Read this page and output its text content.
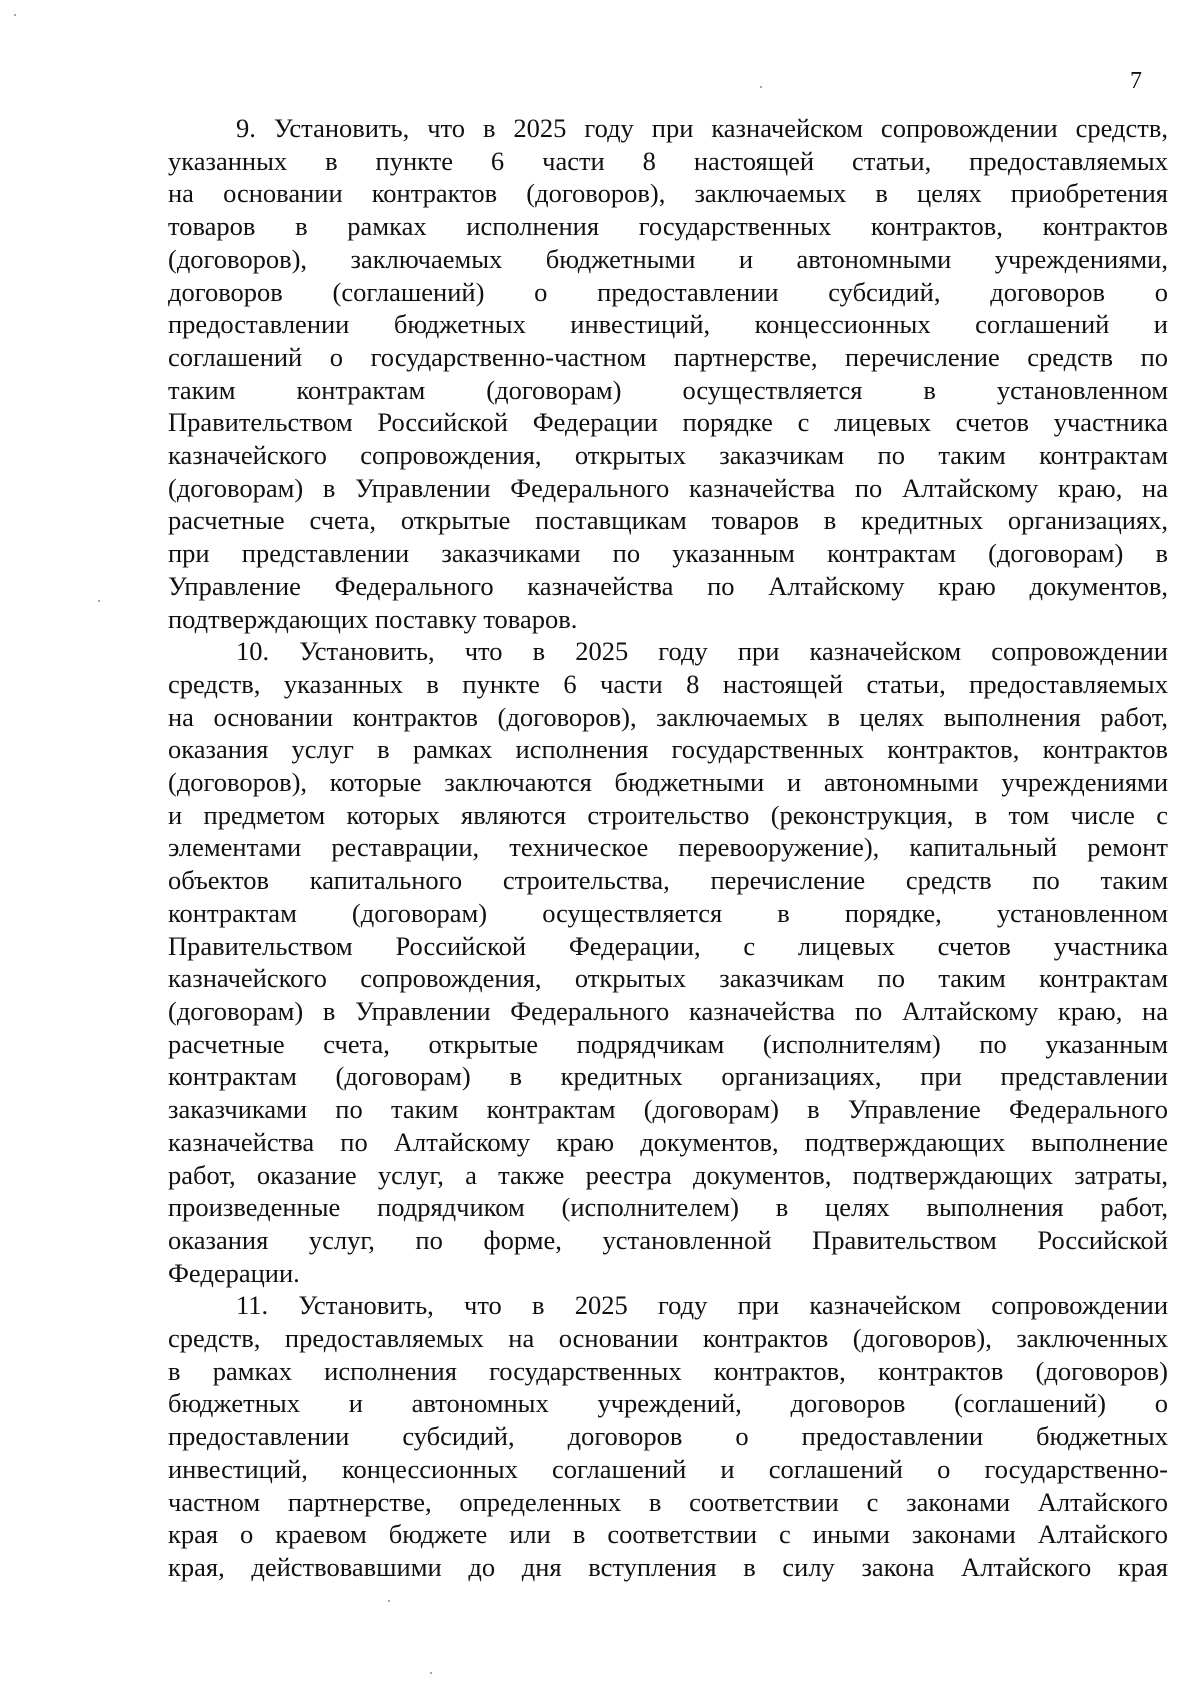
7
9. Установить, что в 2025 году при казначейском сопровождении средств,
указанных в пункте 6 части 8 настоящей статьи, предоставляемых
на основании контрактов (договоров), заключаемых в целях приобретения
товаров в рамках исполнения государственных контрактов, контрактов
(договоров), заключаемых бюджетными и автономными учреждениями,
договоров (соглашений) о предоставлении субсидий, договоров о
предоставлении бюджетных инвестиций, концессионных соглашений и
соглашений о государственно-частном партнерстве, перечисление средств по
таким контрактам (договорам) осуществляется в установленном
Правительством Российской Федерации порядке с лицевых счетов участника
казначейского сопровождения, открытых заказчикам по таким контрактам
(договорам) в Управлении Федерального казначейства по Алтайскому краю, на
расчетные счета, открытые поставщикам товаров в кредитных организациях,
при представлении заказчиками по указанным контрактам (договорам) в
Управление Федерального казначейства по Алтайскому краю документов,
подтверждающих поставку товаров.
10. Установить, что в 2025 году при казначейском сопровождении
средств, указанных в пункте 6 части 8 настоящей статьи, предоставляемых
на основании контрактов (договоров), заключаемых в целях выполнения работ,
оказания услуг в рамках исполнения государственных контрактов, контрактов
(договоров), которые заключаются бюджетными и автономными учреждениями
и предметом которых являются строительство (реконструкция, в том числе с
элементами реставрации, техническое перевооружение), капитальный ремонт
объектов капитального строительства, перечисление средств по таким
контрактам (договорам) осуществляется в порядке, установленном
Правительством Российской Федерации, с лицевых счетов участника
казначейского сопровождения, открытых заказчикам по таким контрактам
(договорам) в Управлении Федерального казначейства по Алтайскому краю, на
расчетные счета, открытые подрядчикам (исполнителям) по указанным
контрактам (договорам) в кредитных организациях, при представлении
заказчиками по таким контрактам (договорам) в Управление Федерального
казначейства по Алтайскому краю документов, подтверждающих выполнение
работ, оказание услуг, а также реестра документов, подтверждающих затраты,
произведенные подрядчиком (исполнителем) в целях выполнения работ,
оказания услуг, по форме, установленной Правительством Российской
Федерации.
11. Установить, что в 2025 году при казначейском сопровождении
средств, предоставляемых на основании контрактов (договоров), заключенных
в рамках исполнения государственных контрактов, контрактов (договоров)
бюджетных и автономных учреждений, договоров (соглашений) о
предоставлении субсидий, договоров о предоставлении бюджетных
инвестиций, концессионных соглашений и соглашений о государственно-
частном партнерстве, определенных в соответствии с законами Алтайского
края о краевом бюджете или в соответствии с иными законами Алтайского
края, действовавшими до дня вступления в силу закона Алтайского края
